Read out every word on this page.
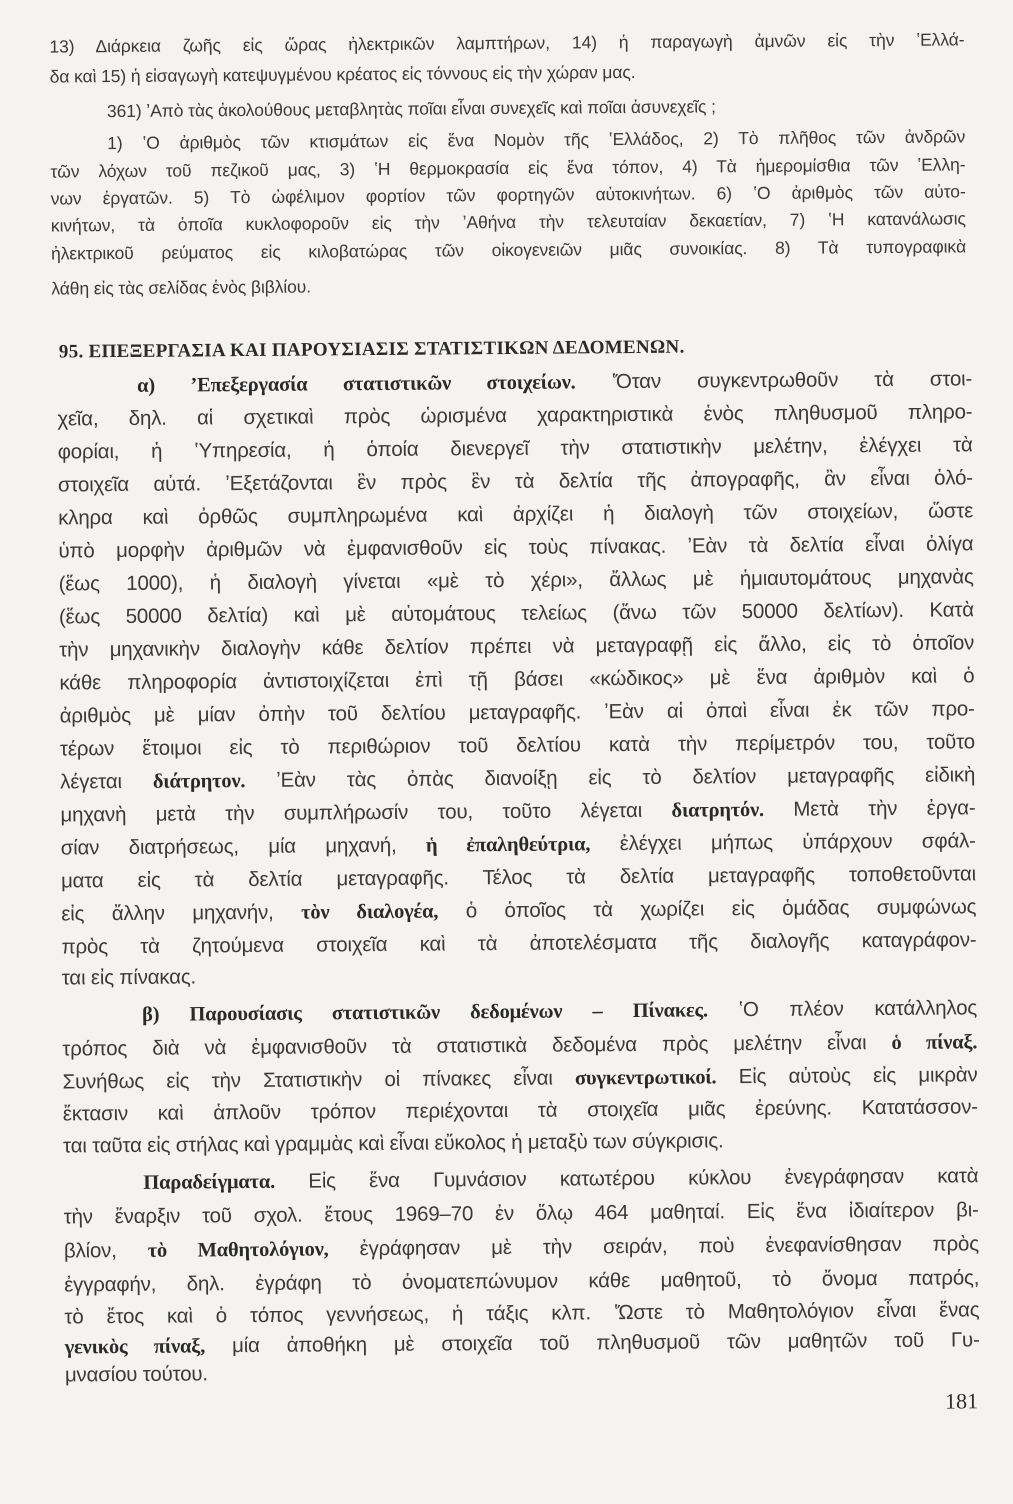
13) Διάρκεια ζωῆς εἰς ὥρας ἠλεκτρικῶν λαμπτήρων, 14) ἡ παραγωγὴ ἀμνῶν εἰς τὴν ʽΕλλά-
δα καὶ 15) ἡ εἰσαγωγὴ κατεψυγμένου κρέατος εἰς τόννους εἰς τὴν χώραν μας.
361) ʼΑπὸ τὰς ἀκολούθους μεταβλητὰς ποῖαι εἶναι συνεχεῖς καὶ ποῖαι ἀσυνεχεῖς ;
1) ʽΟ ἀριθμὸς τῶν κτισμάτων εἰς ἕνα Νομὸν τῆς ʽΕλλάδος, 2) Τὸ πλῆθος τῶν ἀνδρῶν
τῶν λόχων τοῦ πεζικοῦ μας, 3) ʽΗ θερμοκρασία εἰς ἕνα τόπον, 4) Τὰ ἡμερομίσθια τῶν ʽΕλλη-
νων ἐργατῶν. 5) Τὸ ὠφέλιμον φορτίον τῶν φορτηγῶν αὐτοκινήτων. 6) ʽΟ ἀριθμὸς τῶν αὐτο-
κινήτων, τὰ ὁποῖα κυκλοφοροῦν εἰς τὴν ʼΑθήνα τὴν τελευταίαν δεκαετίαν, 7) ʽΗ κατανάλωσις
ἠλεκτρικοῦ ρεύματος εἰς κιλοβατώρας τῶν οἰκογενειῶν μιᾶς συνοικίας. 8) Τὰ τυπογραφικὰ
λάθη εἰς τὰς σελίδας ἑνὸς βιβλίου.
95. ΕΠΕΞΕΡΓΑΣΙΑ ΚΑΙ ΠΑΡΟΥΣΙΑΣΙΣ ΣΤΑΤΙΣΤΙΚΩΝ ΔΕΔΟΜΕΝΩΝ.
α) ʼΕπεξεργασία στατιστικῶν στοιχείων. ʽΌταν συγκεντρωθοῦν τὰ στοι-
χεῖα, δηλ. αἱ σχετικαὶ πρὸς ὡρισμένα χαρακτηριστικὰ ἑνὸς πληθυσμοῦ πληρο-
φορίαι, ἡ ʽΥπηρεσία, ἡ ὁποία διενεργεῖ τὴν στατιστικὴν μελέτην, ἐλέγχει τὰ
στοιχεῖα αὐτά. ʼΕξετάζονται ἓν πρὸς ἓν τὰ δελτία τῆς ἀπογραφῆς, ἂν εἶναι ὁλό-
κληρα καὶ ὀρθῶς συμπληρωμένα καὶ ἀρχίζει ἡ διαλογὴ τῶν στοιχείων, ὥστε
ὑπὸ μορφὴν ἀριθμῶν νὰ ἐμφανισθοῦν εἰς τοὺς πίνακας. ʼΕὰν τὰ δελτία εἶναι ὀλίγα
(ἕως 1000), ἡ διαλογὴ γίνεται «μὲ τὸ χέρι», ἄλλως μὲ ἡμιαυτομάτους μηχανὰς
(ἕως 50000 δελτία) καὶ μὲ αὐτομάτους τελείως (ἄνω τῶν 50000 δελτίων). Κατὰ
τὴν μηχανικὴν διαλογὴν κάθε δελτίον πρέπει νὰ μεταγραφῇ εἰς ἄλλο, εἰς τὸ ὁποῖον
κάθε πληροφορία ἀντιστοιχίζεται ἐπὶ τῇ βάσει «κώδικος» μὲ ἕνα ἀριθμὸν καὶ ὁ
ἀριθμὸς μὲ μίαν ὀπὴν τοῦ δελτίου μεταγραφῆς. ʼΕὰν αἱ ὀπαὶ εἶναι ἐκ τῶν προ-
τέρων ἕτοιμοι εἰς τὸ περιθώριον τοῦ δελτίου κατὰ τὴν περίμετρόν του, τοῦτο
λέγεται διάτρητον. ʼΕὰν τὰς ὀπὰς διανοίξῃ εἰς τὸ δελτίον μεταγραφῆς εἰδικὴ
μηχανὴ μετὰ τὴν συμπλήρωσίν του, τοῦτο λέγεται διατρητόν. Μετὰ τὴν ἐργα-
σίαν διατρήσεως, μία μηχανή, ἡ ἐπαληθεύτρια, ἐλέγχει μήπως ὑπάρχουν σφάλ-
ματα εἰς τὰ δελτία μεταγραφῆς. Τέλος τὰ δελτία μεταγραφῆς τοποθετοῦνται
εἰς ἄλλην μηχανήν, τὸν διαλογέα, ὁ ὁποῖος τὰ χωρίζει εἰς ὁμάδας συμφώνως
πρὸς τὰ ζητούμενα στοιχεῖα καὶ τὰ ἀποτελέσματα τῆς διαλογῆς καταγράφον-
ται εἰς πίνακας.
β) Παρουσίασις στατιστικῶν δεδομένων – Πίνακες. ʽΟ πλέον κατάλληλος
τρόπος διὰ νὰ ἐμφανισθοῦν τὰ στατιστικὰ δεδομένα πρὸς μελέτην εἶναι ὁ πίναξ.
Συνήθως εἰς τὴν Στατιστικὴν οἱ πίνακες εἶναι συγκεντρωτικοί. Εἰς αὐτοὺς εἰς μικρὰν
ἔκτασιν καὶ ἁπλοῦν τρόπον περιέχονται τὰ στοιχεῖα μιᾶς ἐρεύνης. Κατατάσσον-
ται ταῦτα εἰς στήλας καὶ γραμμὰς καὶ εἶναι εὔκολος ἡ μεταξὺ των σύγκρισις.
Παραδείγματα. Εἰς ἕνα Γυμνάσιον κατωτέρου κύκλου ἐνεγράφησαν κατὰ
τὴν ἔναρξιν τοῦ σχολ. ἔτους 1969–70 ἐν ὅλῳ 464 μαθηταί. Εἰς ἕνα ἰδιαίτερον βι-
βλίον, τὸ Μαθητολόγιον, ἐγράφησαν μὲ τὴν σειράν, ποὺ ἐνεφανίσθησαν πρὸς
ἐγγραφήν, δηλ. ἐγράφη τὸ ὀνοματεπώνυμον κάθε μαθητοῦ, τὸ ὄνομα πατρός,
τὸ ἔτος καὶ ὁ τόπος γεννήσεως, ἡ τάξις κλπ. ʽΏστε τὸ Μαθητολόγιον εἶναι ἕνας
γενικὸς πίναξ, μία ἀποθήκη μὲ στοιχεῖα τοῦ πληθυσμοῦ τῶν μαθητῶν τοῦ Γυ-
μνασίου τούτου.
181
